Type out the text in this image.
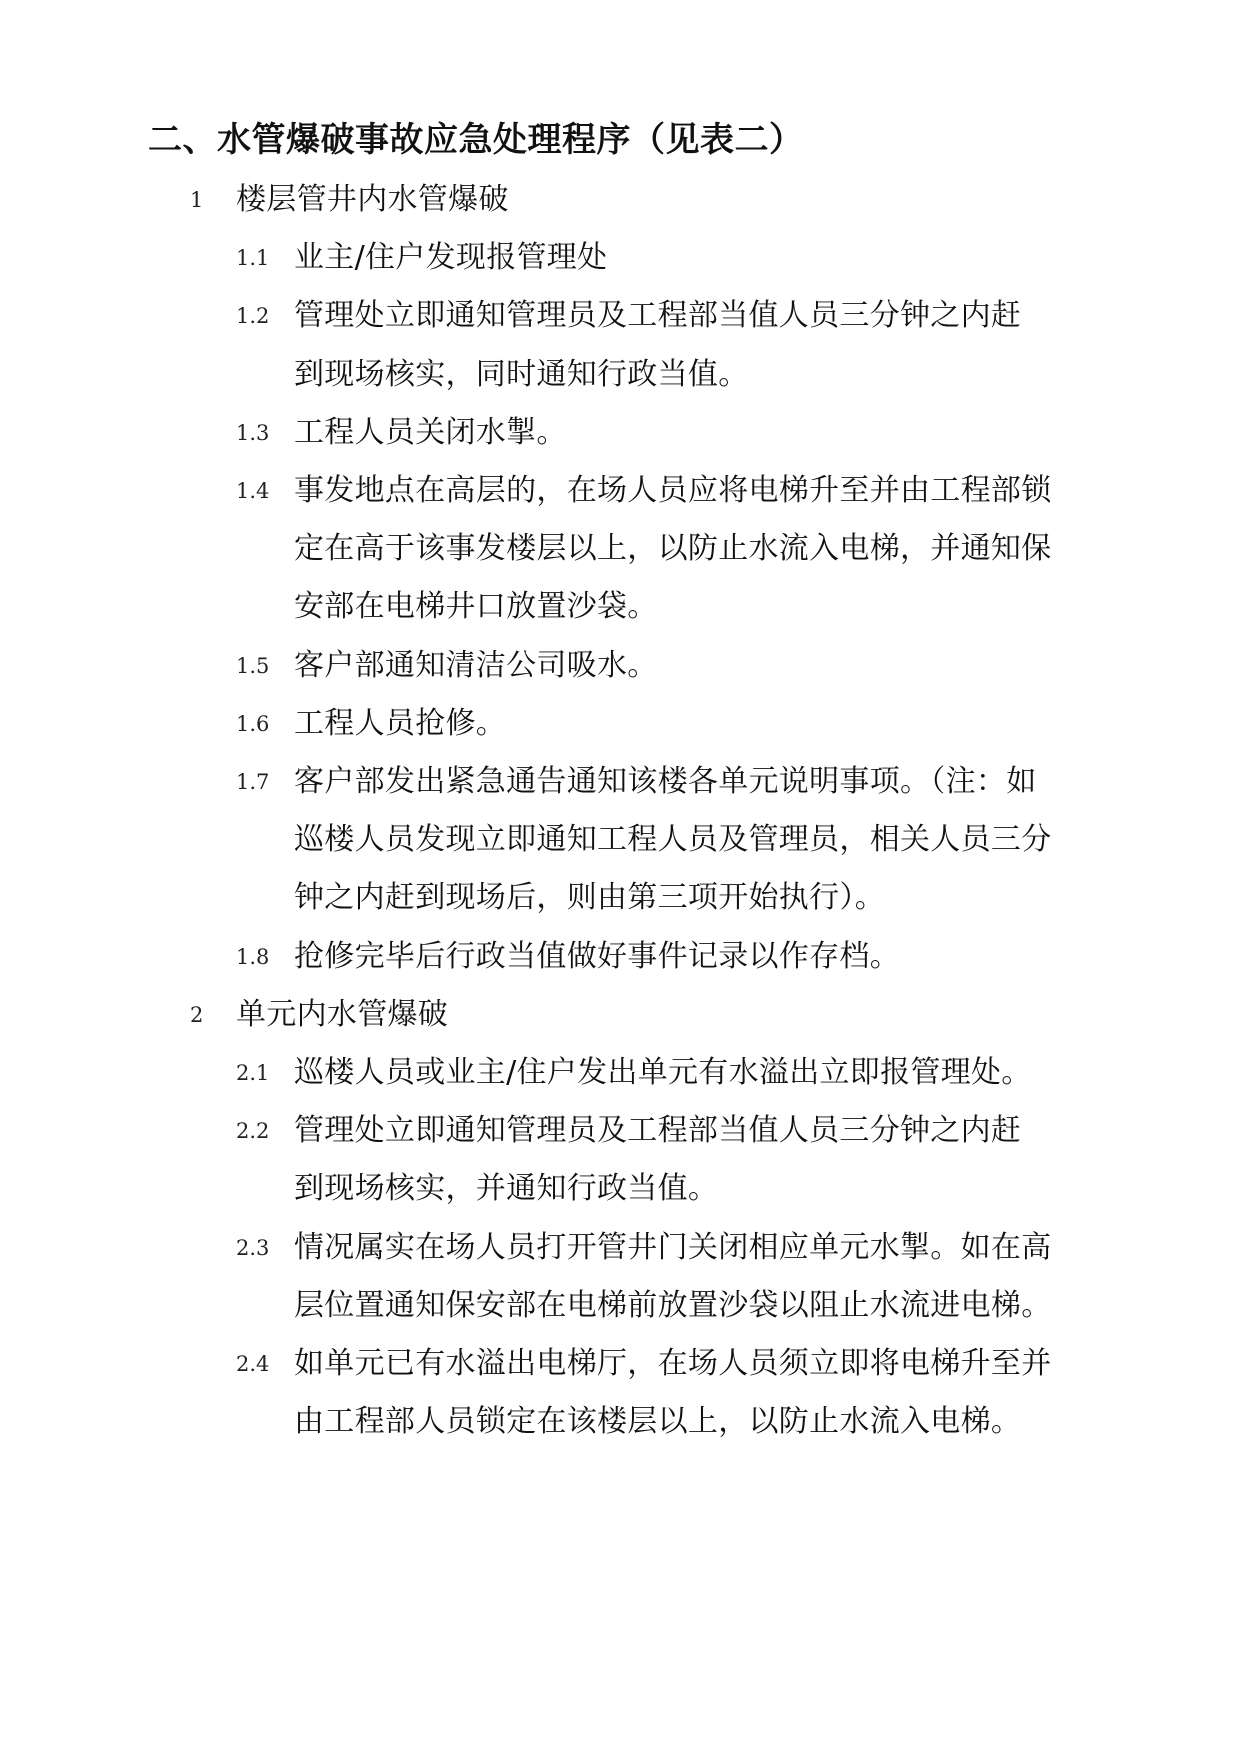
二、水管爆破事故应急处理程序（见表二）
1 楼层管井内水管爆破
1.1 业主/住户发现报管理处
1.2 管理处立即通知管理员及工程部当值人员三分钟之内赶
到现场核实，同时通知行政当值。
1.3 工程人员关闭水掣。
1.4 事发地点在高层的，在场人员应将电梯升至并由工程部锁
定在高于该事发楼层以上，以防止水流入电梯，并通知保
安部在电梯井口放置沙袋。
1.5 客户部通知清洁公司吸水。
1.6 工程人员抢修。
1.7 客户部发出紧急通告通知该楼各单元说明事项。（注：如
巡楼人员发现立即通知工程人员及管理员，相关人员三分
钟之内赶到现场后，则由第三项开始执行）。
1.8 抢修完毕后行政当值做好事件记录以作存档。
2 单元内水管爆破
2.1 巡楼人员或业主/住户发出单元有水溢出立即报管理处。
2.2 管理处立即通知管理员及工程部当值人员三分钟之内赶
到现场核实，并通知行政当值。
2.3 情况属实在场人员打开管井门关闭相应单元水掣。如在高
层位置通知保安部在电梯前放置沙袋以阻止水流进电梯。
2.4 如单元已有水溢出电梯厅，在场人员须立即将电梯升至并
由工程部人员锁定在该楼层以上，以防止水流入电梯。
